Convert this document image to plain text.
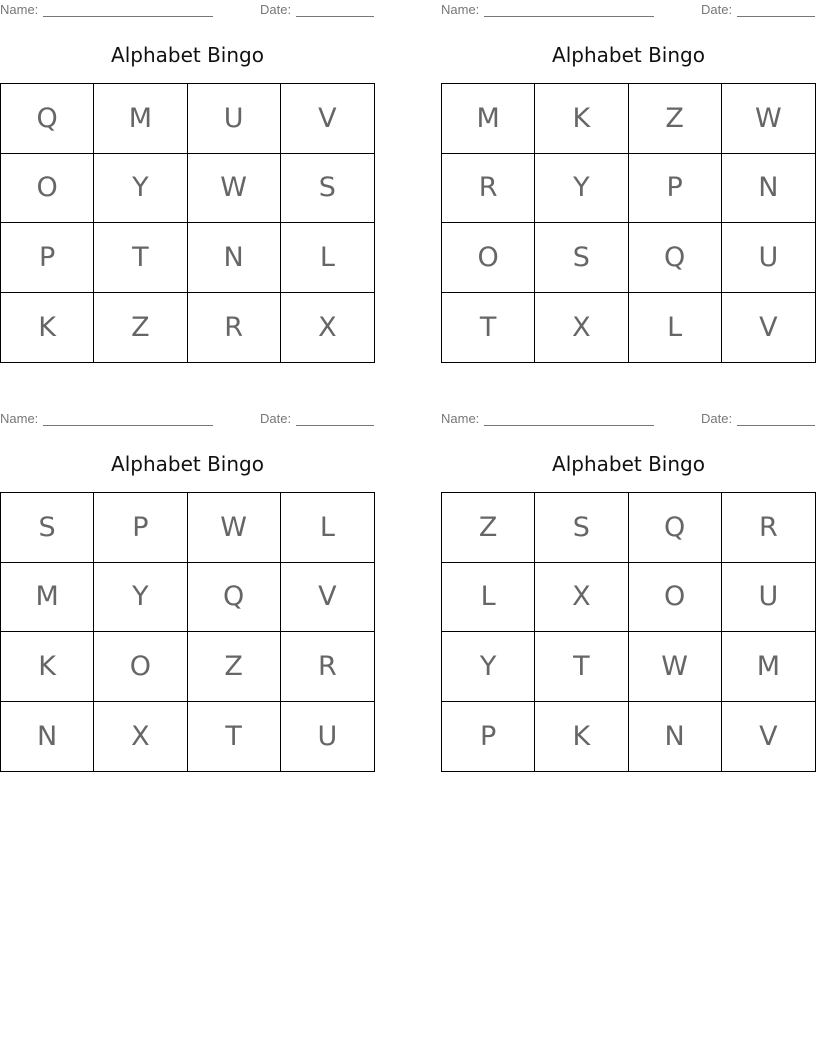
Name:	Date:
Alphabet Bingo
Q	M	U	V
O	Y	W	S
P	T	N	L
K	Z	R	X
Name:	Date:
Alphabet Bingo
M	K	Z	W
R	Y	P	N
O	S	Q	U
T	X	L	V
Name:	Date:
Alphabet Bingo
S	P	W	L
M	Y	Q	V
K	O	Z	R
N	X	T	U
Name:	Date:
Alphabet Bingo
Z	S	Q	R
L	X	O	U
Y	T	W	M
P	K	N	V
